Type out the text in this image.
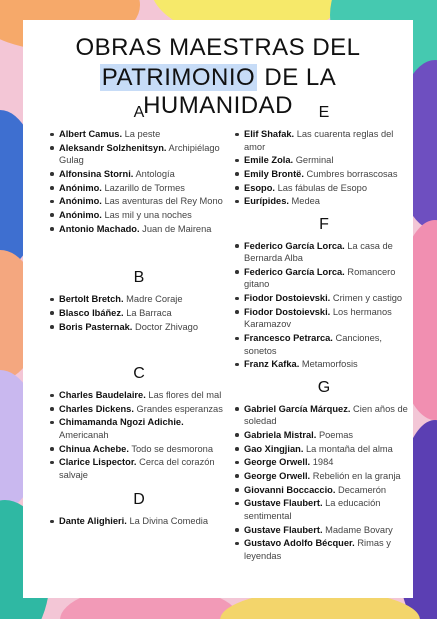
OBRAS MAESTRAS DEL
PATRIMONIO DE LA HUMANIDAD
A
Albert Camus. La peste
Aleksandr Solzhenitsyn. Archipiélago Gulag
Alfonsina Storni. Antología
Anónimo. Lazarillo de Tormes
Anónimo. Las aventuras del Rey Mono
Anónimo. Las mil y una noches
Antonio Machado. Juan de Mairena
B
Bertolt Bretch. Madre Coraje
Blasco Ibáñez. La Barraca
Boris Pasternak. Doctor Zhivago
C
Charles Baudelaire. Las flores del mal
Charles Dickens. Grandes esperanzas
Chimamanda Ngozi Adichie. Americanah
Chinua Achebe. Todo se desmorona
Clarice Lispector. Cerca del corazón salvaje
D
Dante Alighieri. La Divina Comedia
E
Elif Shafak. Las cuarenta reglas del amor
Emile Zola. Germinal
Emily Brontë. Cumbres borrascosas
Esopo. Las fábulas de Esopo
Eurípides. Medea
F
Federico García Lorca. La casa de Bernarda Alba
Federico García Lorca. Romancero gitano
Fiodor Dostoievski. Crimen y castigo
Fiodor Dostoievski. Los hermanos Karamazov
Francesco Petrarca. Canciones, sonetos
Franz Kafka. Metamorfosis
G
Gabriel García Márquez. Cien años de soledad
Gabriela Mistral. Poemas
Gao Xingjian. La montaña del alma
George Orwell. 1984
George Orwell. Rebelión en la granja
Giovanni Boccaccio. Decamerón
Gustave Flaubert. La educación sentimental
Gustave Flaubert. Madame Bovary
Gustavo Adolfo Bécquer. Rimas y leyendas
